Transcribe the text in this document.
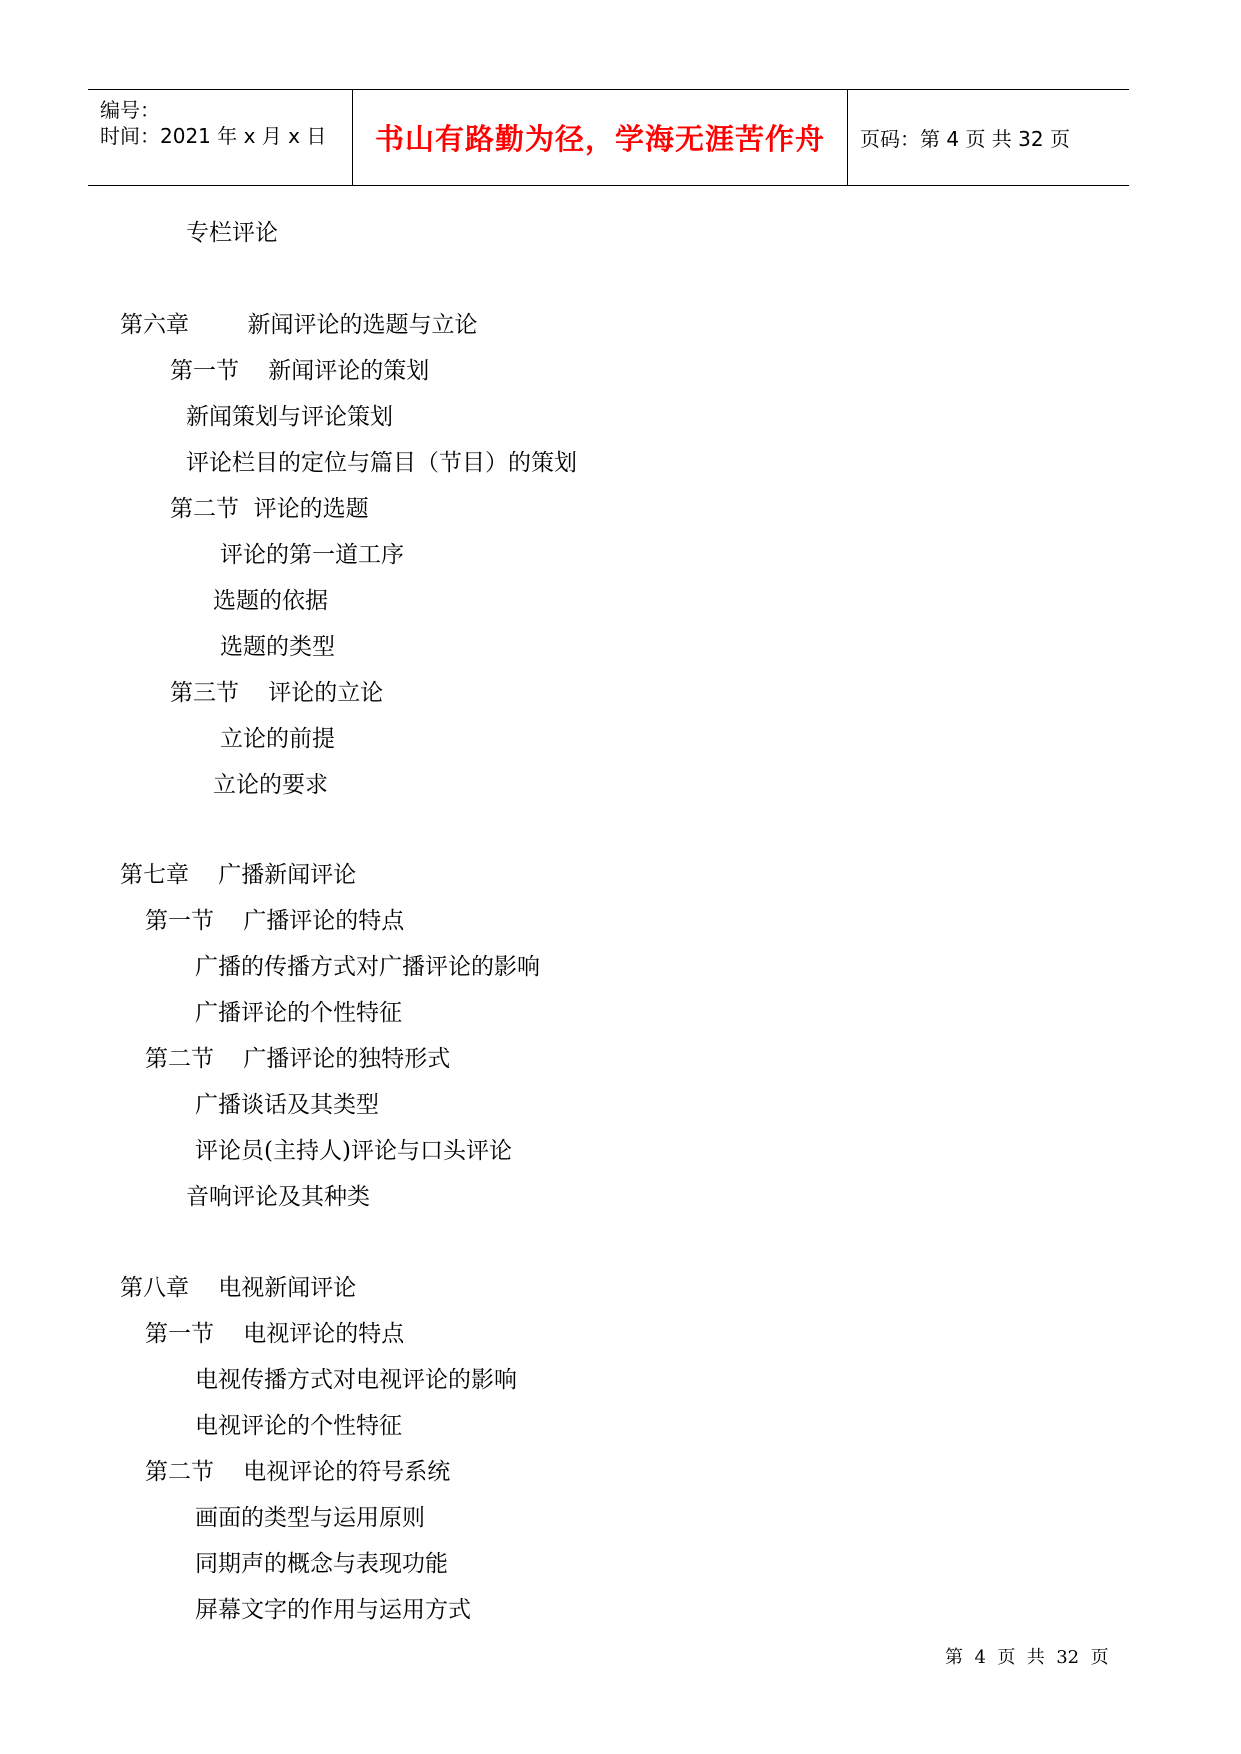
编号：
时间：2021 年 x 月 x 日 书山有路勤为径，学海无涯苦作舟 页码：第 4 页 共 32 页
专栏评论
第六章        新闻评论的选题与立论
第一节    新闻评论的策划
新闻策划与评论策划
评论栏目的定位与篇目（节目）的策划
第二节  评论的选题
评论的第一道工序
选题的依据
选题的类型
第三节    评论的立论
立论的前提
立论的要求
第七章    广播新闻评论
第一节    广播评论的特点
广播的传播方式对广播评论的影响
广播评论的个性特征
第二节    广播评论的独特形式
广播谈话及其类型
评论员(主持人)评论与口头评论
音响评论及其种类
第八章    电视新闻评论
第一节    电视评论的特点
电视传播方式对电视评论的影响
电视评论的个性特征
第二节    电视评论的符号系统
画面的类型与运用原则
同期声的概念与表现功能
屏幕文字的作用与运用方式
第  4  页  共  32  页
